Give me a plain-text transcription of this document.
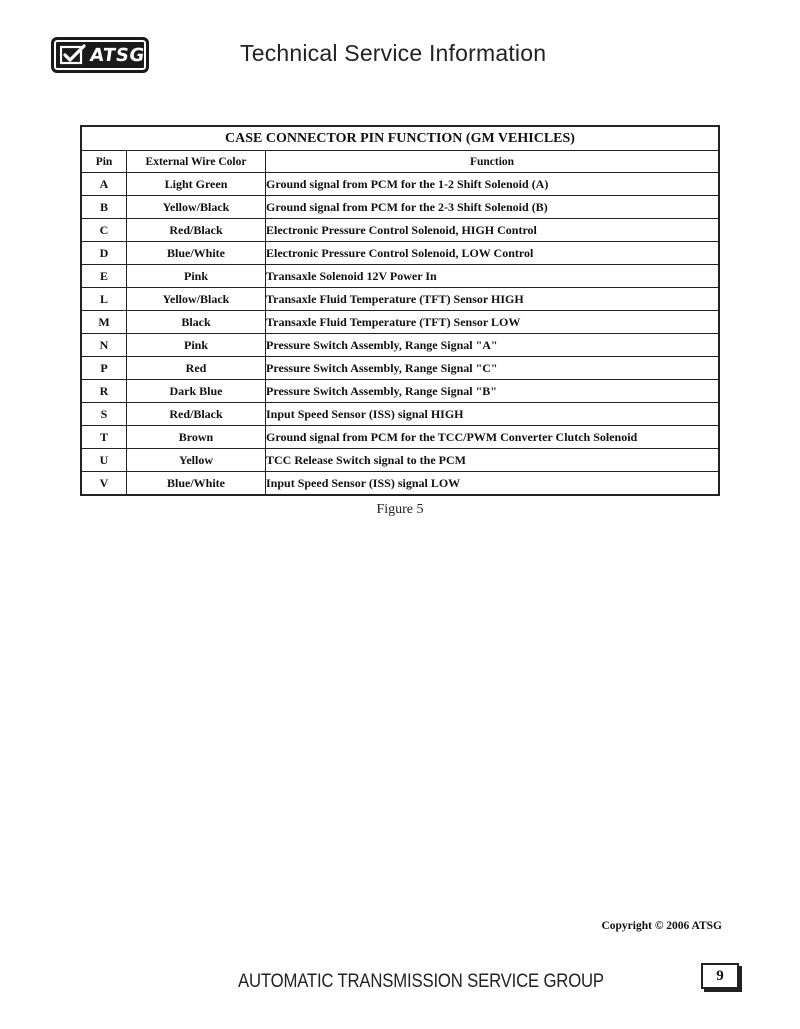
ATSG	Technical Service Information
CASE CONNECTOR PIN FUNCTION (GM VEHICLES)		
Pin	External Wire Color	Function
A	Light Green	Ground signal from PCM for the 1-2 Shift Solenoid (A)
B	Yellow/Black	Ground signal from PCM for the 2-3 Shift Solenoid (B)
C	Red/Black	Electronic Pressure Control Solenoid, HIGH Control
D	Blue/White	Electronic Pressure Control Solenoid, LOW Control
E	Pink	Transaxle Solenoid 12V Power In
L	Yellow/Black	Transaxle Fluid Temperature (TFT) Sensor HIGH
M	Black	Transaxle Fluid Temperature (TFT) Sensor LOW
N	Pink	Pressure Switch Assembly, Range Signal "A"
P	Red	Pressure Switch Assembly, Range Signal "C"
R	Dark Blue	Pressure Switch Assembly, Range Signal "B"
S	Red/Black	Input Speed Sensor (ISS) signal HIGH
T	Brown	Ground signal from PCM for the TCC/PWM Converter Clutch Solenoid
U	Yellow	TCC Release Switch signal to the PCM
V	Blue/White	Input Speed Sensor (ISS) signal LOW
Figure 5
Copyright © 2006 ATSG
AUTOMATIC TRANSMISSION SERVICE GROUP	9
